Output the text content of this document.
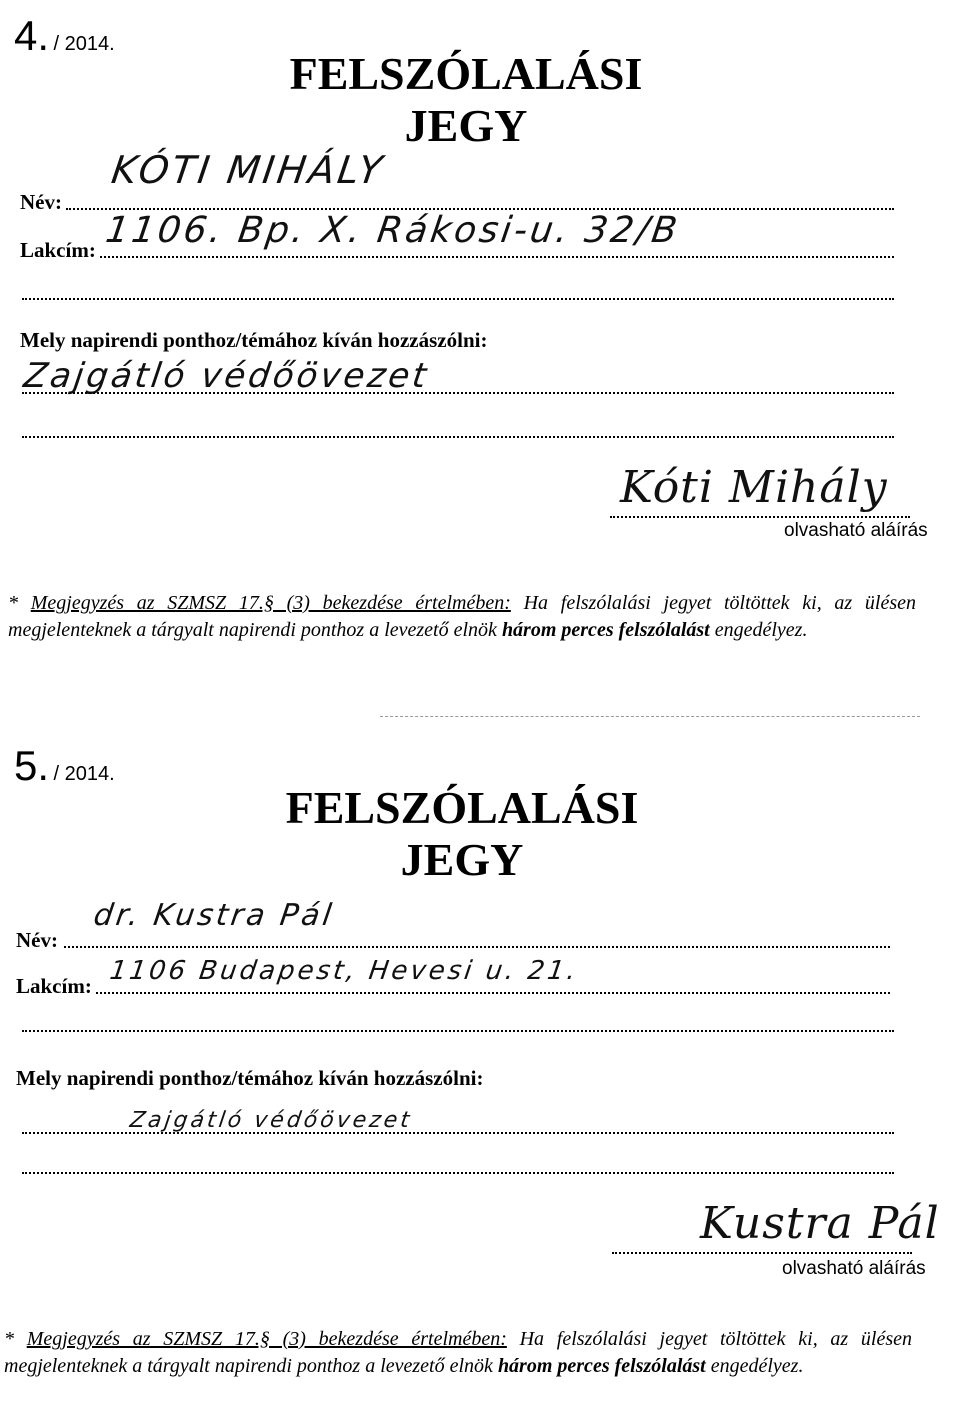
4. / 2014.
FELSZÓLALÁSI
JEGY
Név:
KÓTI MIHÁLY
Lakcím: 1106. Bp. X. Rákosi-u. 32/B
Mely napirendi ponthoz/témához kíván hozzászólni:
Zajgátló védőövezet
Kóti Mihály
olvasható aláírás
* Megjegyzés az SZMSZ 17.§ (3) bekezdése értelmében: Ha felszólalási jegyet töltöttek ki, az ülésen megjelenteknek a tárgyalt napirendi ponthoz a levezető elnök három perces felszólalást engedélyez.
5. / 2014.
FELSZÓLALÁSI
JEGY
Név:
dr. Kustra Pál
Lakcím: 1106 Budapest, Hevesi u. 21.
Mely napirendi ponthoz/témához kíván hozzászólni:
Zajgátló védőövezet
Kustra Pál
olvasható aláírás
* Megjegyzés az SZMSZ 17.§ (3) bekezdése értelmében: Ha felszólalási jegyet töltöttek ki, az ülésen megjelenteknek a tárgyalt napirendi ponthoz a levezető elnök három perces felszólalást engedélyez.
